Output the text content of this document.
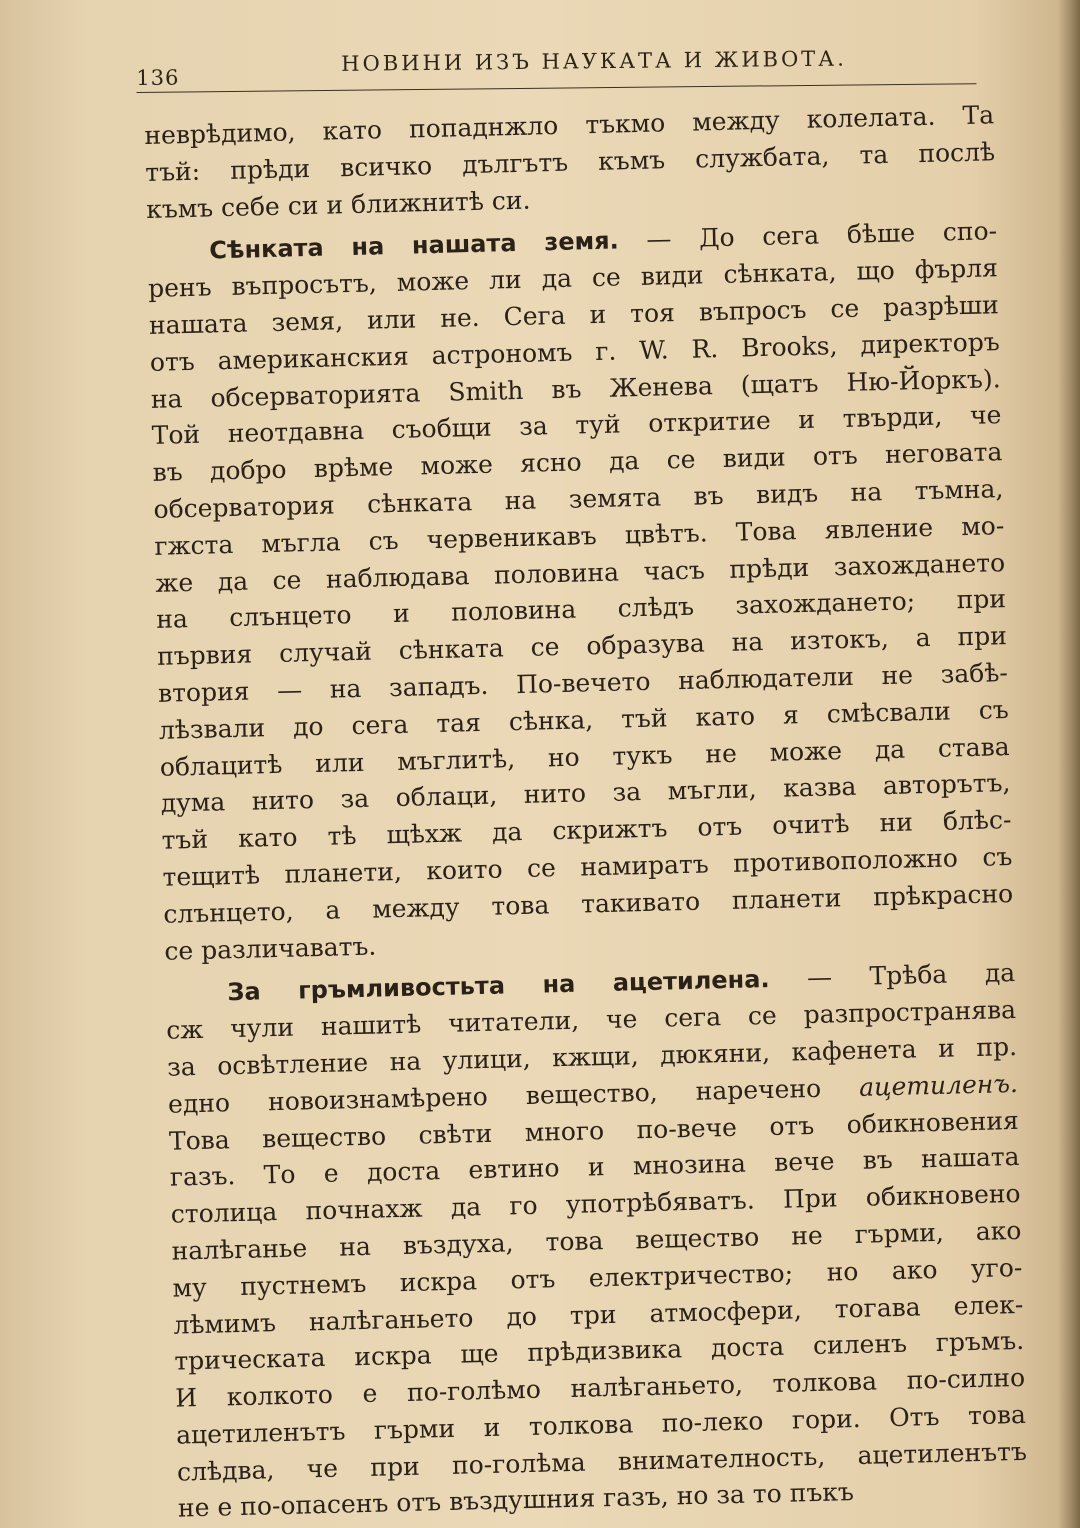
136
НОВИНИ ИЗЪ НАУКАТА И ЖИВОТА.
неврѣдимо, като попаднжло тъкмо между колелата. Та
тъй: прѣди всичко дългътъ къмъ службата, та послѣ
къмъ себе си и ближнитѣ си.
Сѣнката на нашата земя. — До сега бѣше спо-
ренъ въпросътъ, може ли да се види сѣнката, що фърля
нашата земя, или не. Сега и тоя въпросъ се разрѣши
отъ американския астрономъ г. W. R. Brooks, директоръ
на обсерваторията Smith въ Женева (щатъ Ню-Йоркъ).
Той неотдавна съобщи за туй откритие и твърди, че
въ добро врѣме може ясно да се види отъ неговата
обсерватория сѣнката на земята въ видъ на тъмна,
гжста мъгла съ червеникавъ цвѣтъ. Това явление мо-
же да се наблюдава половина часъ прѣди захождането
на слънцето и половина слѣдъ захождането; при
първия случай сѣнката се образува на изтокъ, а при
втория — на западъ. По-вечето наблюдатели не забѣ-
лѣзвали до сега тая сѣнка, тъй като я смѣсвали съ
облацитѣ или мъглитѣ, но тукъ не може да става
дума нито за облаци, нито за мъгли, казва авторътъ,
тъй като тѣ щѣхж да скрижтъ отъ очитѣ ни блѣс-
тещитѣ планети, които се намиратъ противоположно съ
слънцето, а между това такивато планети прѣкрасно
се различаватъ.
За гръмливостьта на ацетилена. — Трѣба да
сж чули нашитѣ читатели, че сега се разпространява
за освѣтление на улици, кжщи, дюкяни, кафенета и пр.
едно новоизнамѣрено вещество, наречено ацетиленъ.
Това вещество свѣти много по-вече отъ обикновения
газъ. То е доста евтино и мнозина вече въ нашата
столица почнахж да го употрѣбяватъ. При обикновено
налѣганье на въздуха, това вещество не гърми, ако
му пустнемъ искра отъ електричество; но ако уго-
лѣмимъ налѣганьето до три атмосфери, тогава елек-
трическата искра ще прѣдизвика доста силенъ гръмъ.
И колкото е по-голѣмо налѣганьето, толкова по-силно
ацетиленътъ гърми и толкова по-леко гори. Отъ това
слѣдва, че при по-голѣма внимателность, ацетиленътъ
не е по-опасенъ отъ въздушния газъ, но за то пъкъ
